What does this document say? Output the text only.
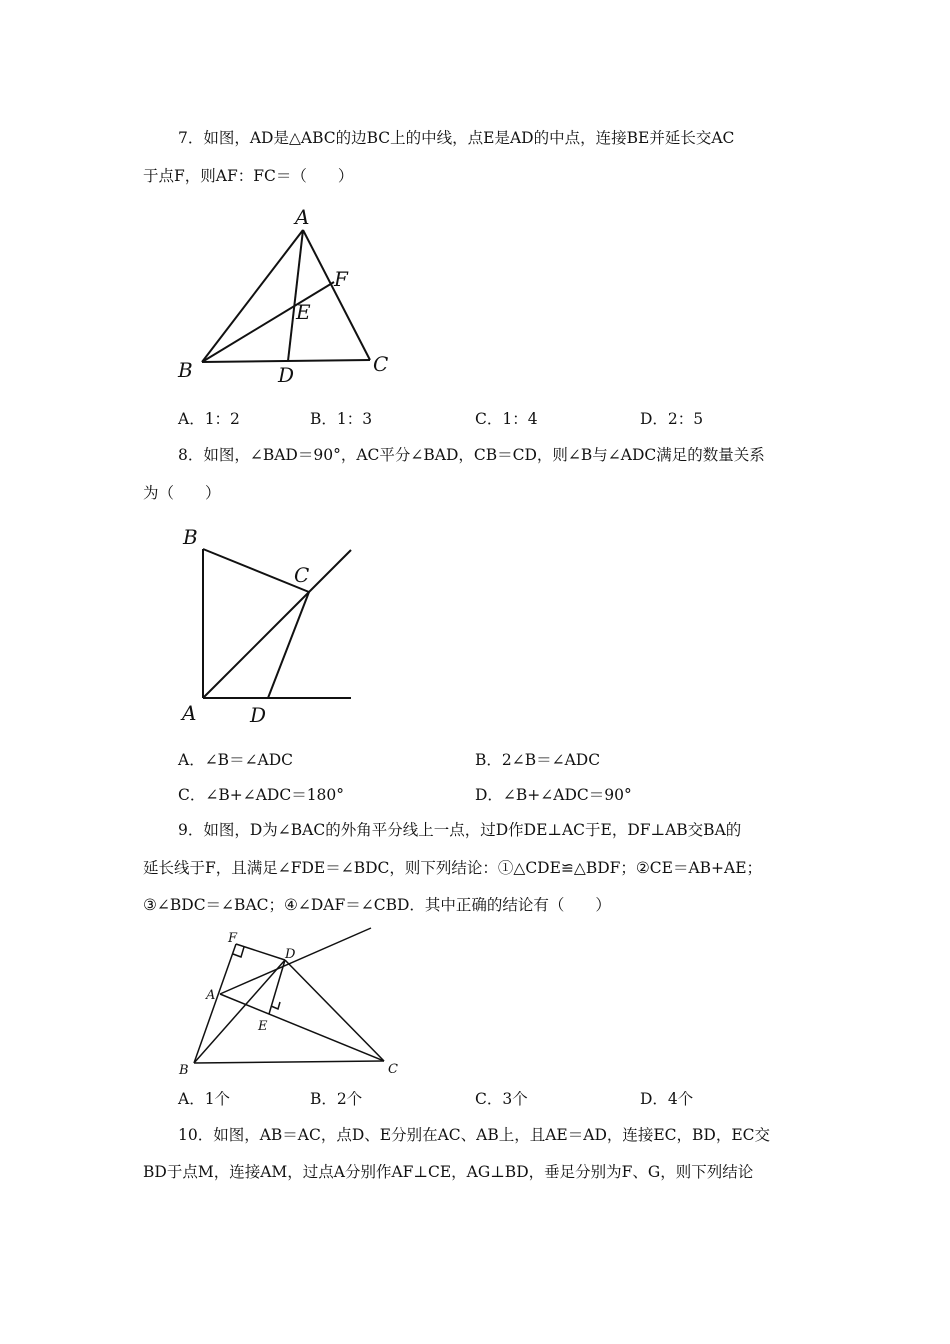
7．如图，AD是△ABC的边BC上的中线，点E是AD的中点，连接BE并延长交AC
于点F，则AF：FC＝（　　）
A
F
E
B	C
D
A．1：2	B．1：3	C．1：4	D．2：5
8．如图，∠BAD＝90°，AC平分∠BAD，CB＝CD，则∠B与∠ADC满足的数量关系
为（　　）
B
C
A	D
A．∠B＝∠ADC	B．2∠B＝∠ADC
C．∠B+∠ADC＝180°	D．∠B+∠ADC＝90°
9．如图，D为∠BAC的外角平分线上一点，过D作DE⊥AC于E，DF⊥AB交BA的
延长线于F，且满足∠FDE＝∠BDC，则下列结论：①△CDE≌△BDF；②CE＝AB+AE；
③∠BDC＝∠BAC；④∠DAF＝∠CBD．其中正确的结论有（　　）
F
D
A
E
B	C
A．1个	B．2个	C．3个	D．4个
10．如图，AB＝AC，点D、E分别在AC、AB上，且AE＝AD，连接EC，BD，EC交
BD于点M，连接AM，过点A分别作AF⊥CE，AG⊥BD，垂足分别为F、G，则下列结论
